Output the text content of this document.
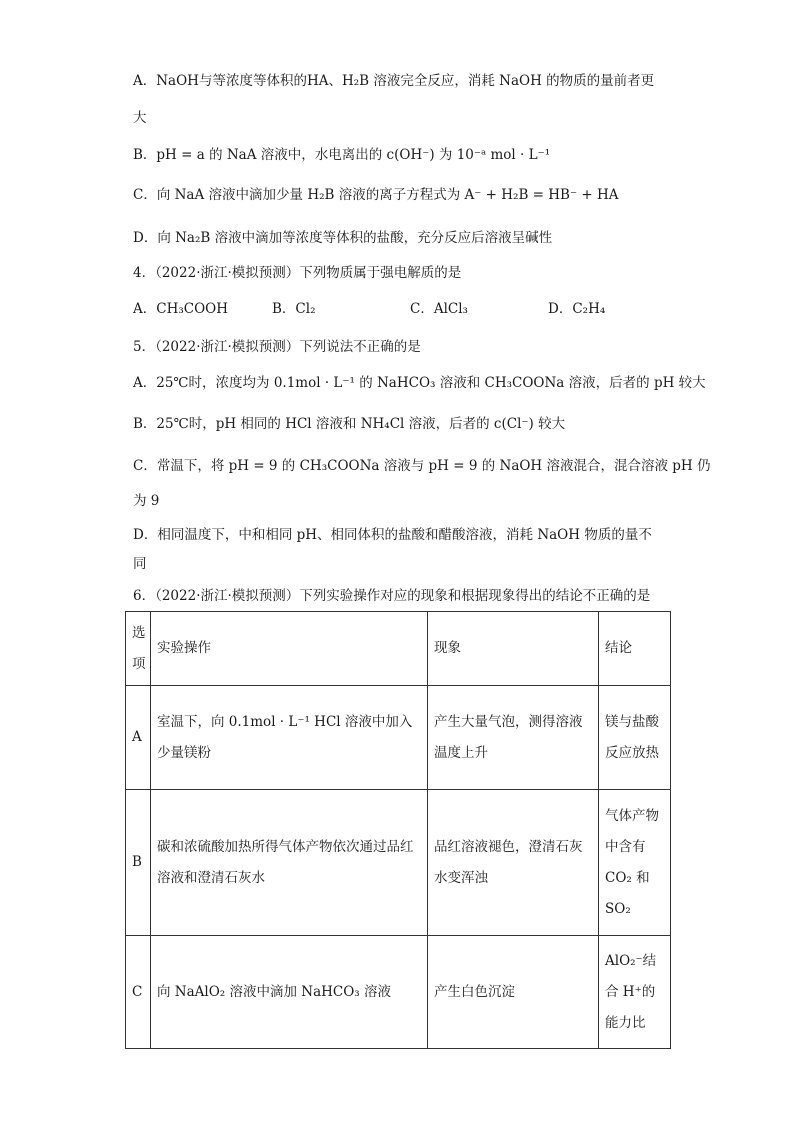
A．NaOH与等浓度等体积的HA、H₂B 溶液完全反应，消耗 NaOH 的物质的量前者更
大
B．pH = a 的 NaA 溶液中，水电离出的 c(OH⁻) 为 10⁻ᵃ mol · L⁻¹
C．向 NaA 溶液中滴加少量 H₂B 溶液的离子方程式为 A⁻ + H₂B = HB⁻ + HA
D．向 Na₂B 溶液中滴加等浓度等体积的盐酸，充分反应后溶液呈碱性
4．（2022·浙江·模拟预测）下列物质属于强电解质的是
A．CH₃COOH	B．Cl₂	C．AlCl₃	D．C₂H₄
5．（2022·浙江·模拟预测）下列说法不正确的是
A．25℃时，浓度均为 0.1mol · L⁻¹ 的 NaHCO₃ 溶液和 CH₃COONa 溶液，后者的 pH 较大
B．25℃时，pH 相同的 HCl 溶液和 NH₄Cl 溶液，后者的 c(Cl⁻) 较大
C．常温下，将 pH = 9 的 CH₃COONa 溶液与 pH = 9 的 NaOH 溶液混合，混合溶液 pH 仍
为 9
D．相同温度下，中和相同 pH、相同体积的盐酸和醋酸溶液，消耗 NaOH 物质的量不
同
6．（2022·浙江·模拟预测）下列实验操作对应的现象和根据现象得出的结论不正确的是
选项	实验操作	现象	结论
A	室温下，向 0.1mol · L⁻¹ HCl 溶液中加入少量镁粉	产生大量气泡，测得溶液温度上升	镁与盐酸反应放热
B	碳和浓硫酸加热所得气体产物依次通过品红溶液和澄清石灰水	品红溶液褪色，澄清石灰水变浑浊	气体产物中含有 CO₂ 和 SO₂
C	向 NaAlO₂ 溶液中滴加 NaHCO₃ 溶液	产生白色沉淀	AlO₂⁻结合 H⁺的能力比
